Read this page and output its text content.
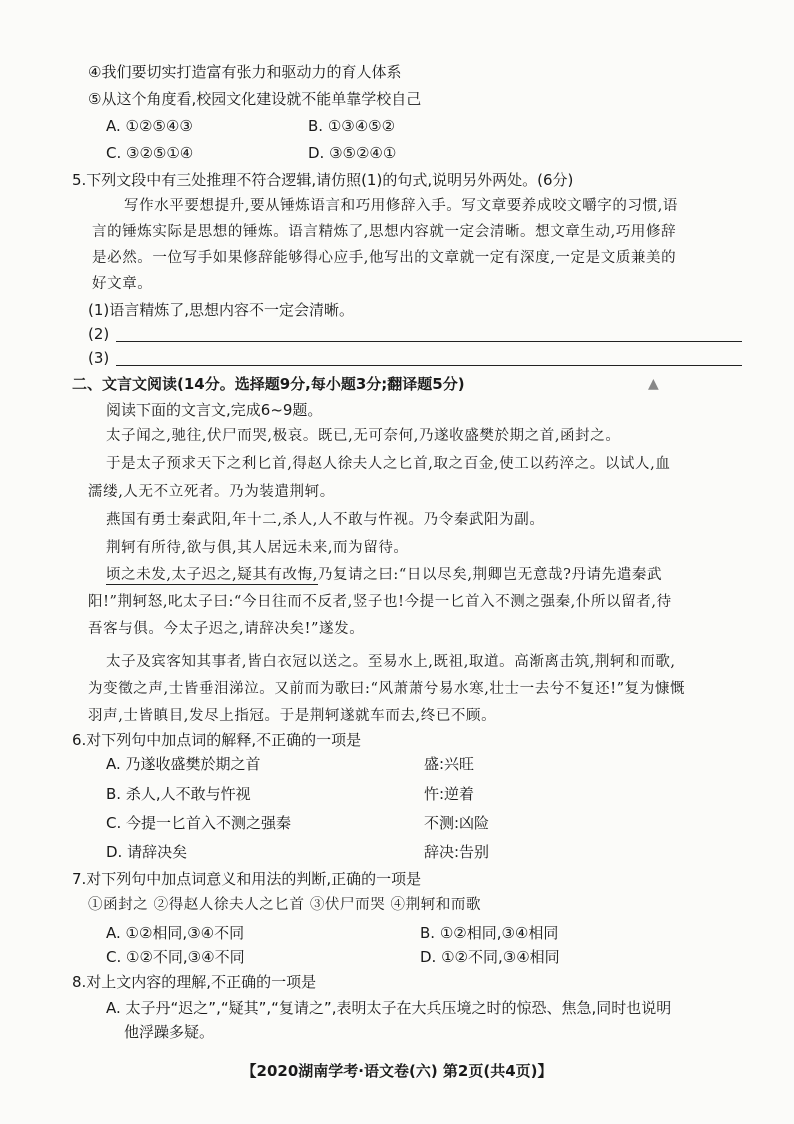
④我们要切实打造富有张力和驱动力的育人体系
⑤从这个角度看,校园文化建设就不能单靠学校自己
A. ①②⑤④③	B. ①③④⑤②
C. ③②⑤①④	D. ③⑤②④①
5.下列文段中有三处推理不符合逻辑,请仿照(1)的句式,说明另外两处。(6分)
写作水平要想提升,要从锤炼语言和巧用修辞入手。写文章要养成咬文嚼字的习惯,语
言的锤炼实际是思想的锤炼。语言精炼了,思想内容就一定会清晰。想文章生动,巧用修辞
是必然。一位写手如果修辞能够得心应手,他写出的文章就一定有深度,一定是文质兼美的
好文章。
(1)语言精炼了,思想内容不一定会清晰。
(2)
(3)
二、文言文阅读(14分。选择题9分,每小题3分;翻译题5分)
阅读下面的文言文,完成6~9题。
太子闻之,驰往,伏尸而哭,极哀。既已,无可奈何,乃遂收盛樊於期之首,函封之。
于是太子预求天下之利匕首,得赵人徐夫人之匕首,取之百金,使工以药淬之。以试人,血
濡缕,人无不立死者。乃为装遣荆轲。
燕国有勇士秦武阳,年十二,杀人,人不敢与忤视。乃令秦武阳为副。
荆轲有所待,欲与俱,其人居远未来,而为留待。
顷之未发,太子迟之,疑其有改悔,乃复请之曰:“日以尽矣,荆卿岂无意哉?丹请先遣秦武
阳!”荆轲怒,叱太子曰:“今日往而不反者,竖子也!今提一匕首入不测之强秦,仆所以留者,待
吾客与俱。今太子迟之,请辞决矣!”遂发。
太子及宾客知其事者,皆白衣冠以送之。至易水上,既祖,取道。高渐离击筑,荆轲和而歌,
为变徵之声,士皆垂泪涕泣。又前而为歌曰:“风萧萧兮易水寒,壮士一去兮不复还!”复为慷慨
羽声,士皆瞋目,发尽上指冠。于是荆轲遂就车而去,终已不顾。
6.对下列句中加点词的解释,不正确的一项是
A. 乃遂收盛樊於期之首	盛:兴旺
B. 杀人,人不敢与忤视	忤:逆着
C. 今提一匕首入不测之强秦	不测:凶险
D. 请辞决矣	辞决:告别
7.对下列句中加点词意义和用法的判断,正确的一项是
①函封之 ②得赵人徐夫人之匕首 ③伏尸而哭 ④荆轲和而歌
A. ①②相同,③④不同	B. ①②相同,③④相同
C. ①②不同,③④不同	D. ①②不同,③④相同
8.对上文内容的理解,不正确的一项是
A. 太子丹“迟之”,“疑其”,“复请之”,表明太子在大兵压境之时的惊恐、焦急,同时也说明
他浮躁多疑。
【2020湖南学考·语文卷(六) 第2页(共4页)】
▲
